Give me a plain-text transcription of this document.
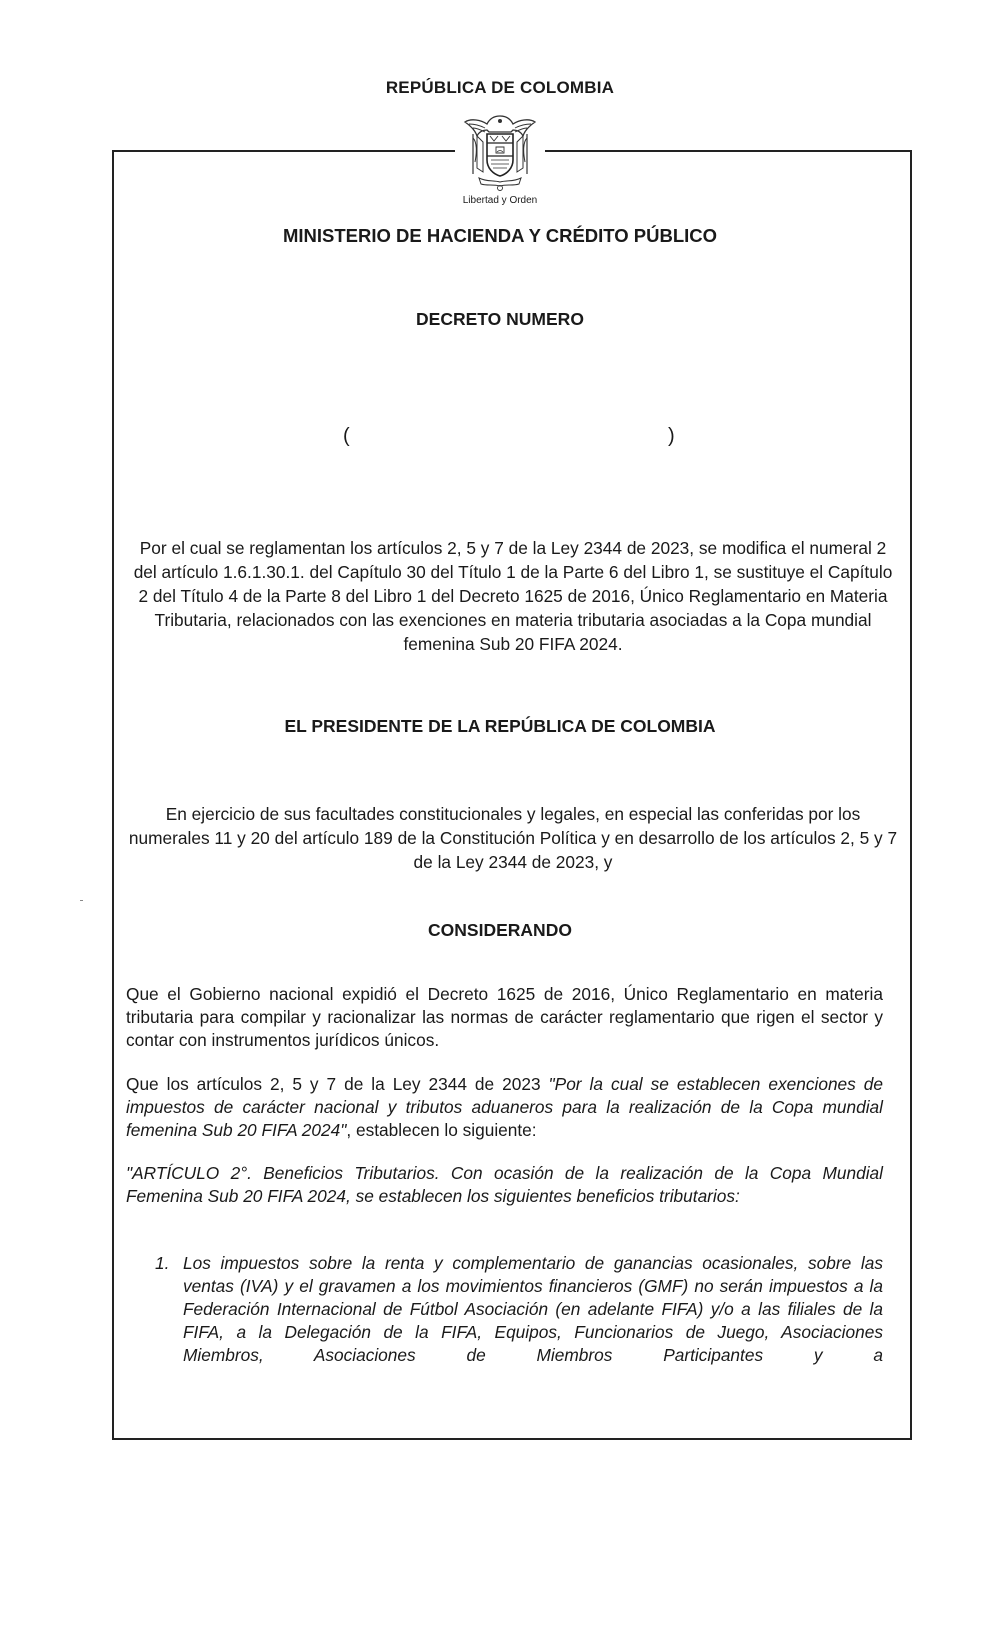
REPÚBLICA DE COLOMBIA
Libertad y Orden
MINISTERIO DE HACIENDA Y CRÉDITO PÚBLICO
DECRETO NUMERO
(	)
Por el cual se reglamentan los artículos 2, 5 y 7 de la Ley 2344 de 2023, se modifica el numeral 2 del artículo 1.6.1.30.1. del Capítulo 30 del Título 1 de la Parte 6 del Libro 1, se sustituye el Capítulo 2 del Título 4 de la Parte 8 del Libro 1 del Decreto 1625 de 2016, Único Reglamentario en Materia Tributaria, relacionados con las exenciones en materia tributaria asociadas a la Copa mundial femenina Sub 20 FIFA 2024.
EL PRESIDENTE DE LA REPÚBLICA DE COLOMBIA
En ejercicio de sus facultades constitucionales y legales, en especial las conferidas por los numerales 11 y 20 del artículo 189 de la Constitución Política y en desarrollo de los artículos 2, 5 y 7 de la Ley 2344 de 2023, y
CONSIDERANDO
Que el Gobierno nacional expidió el Decreto 1625 de 2016, Único Reglamentario en materia tributaria para compilar y racionalizar las normas de carácter reglamentario que rigen el sector y contar con instrumentos jurídicos únicos.
Que los artículos 2, 5 y 7 de la Ley 2344 de 2023 "Por la cual se establecen exenciones de impuestos de carácter nacional y tributos aduaneros para la realización de la Copa mundial femenina Sub 20 FIFA 2024", establecen lo siguiente:
"ARTÍCULO 2°. Beneficios Tributarios. Con ocasión de la realización de la Copa Mundial Femenina Sub 20 FIFA 2024, se establecen los siguientes beneficios tributarios:
1. Los impuestos sobre la renta y complementario de ganancias ocasionales, sobre las ventas (IVA) y el gravamen a los movimientos financieros (GMF) no serán impuestos a la Federación Internacional de Fútbol Asociación (en adelante FIFA) y/o a las filiales de la FIFA, a la Delegación de la FIFA, Equipos, Funcionarios de Juego, Asociaciones Miembros, Asociaciones de Miembros Participantes y a
